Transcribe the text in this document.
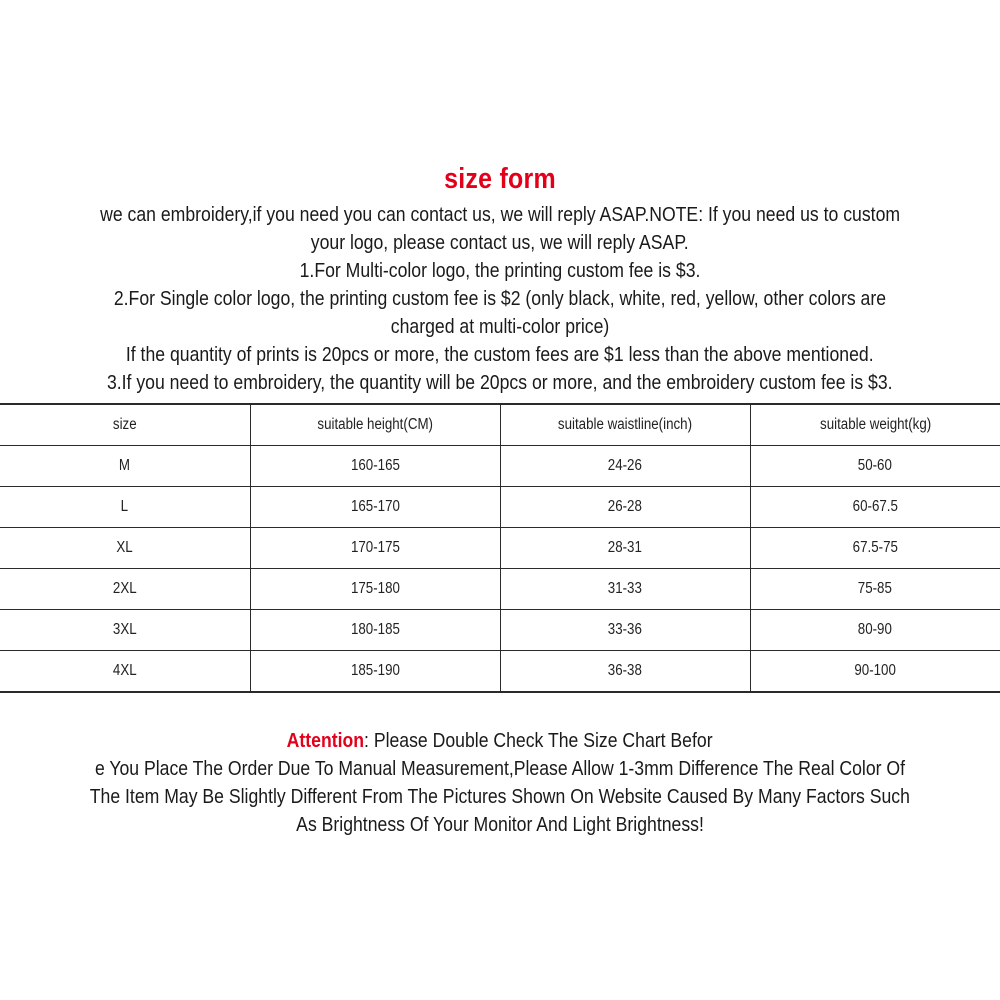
size form
we can embroidery,if you need you can contact us, we will reply ASAP.NOTE: If you need us to custom
your logo, please contact us, we will reply ASAP.
1.For Multi-color logo, the printing custom fee is $3.
2.For Single color logo, the printing custom fee is $2 (only black, white, red, yellow, other colors are
charged at multi-color price)
If the quantity of prints is 20pcs or more, the custom fees are $1 less than the above mentioned.
3.If you need to embroidery, the quantity will be 20pcs or more, and the embroidery custom fee is $3.
size	suitable height(CM)	suitable waistline(inch)	suitable weight(kg)
M	160-165	24-26	50-60
L	165-170	26-28	60-67.5
XL	170-175	28-31	67.5-75
2XL	175-180	31-33	75-85
3XL	180-185	33-36	80-90
4XL	185-190	36-38	90-100
Attention: Please Double Check The Size Chart Befor
e You Place The Order Due To Manual Measurement,Please Allow 1-3mm Difference The Real Color Of
The Item May Be Slightly Different From The Pictures Shown On Website Caused By Many Factors Such
As Brightness Of Your Monitor And Light Brightness!
